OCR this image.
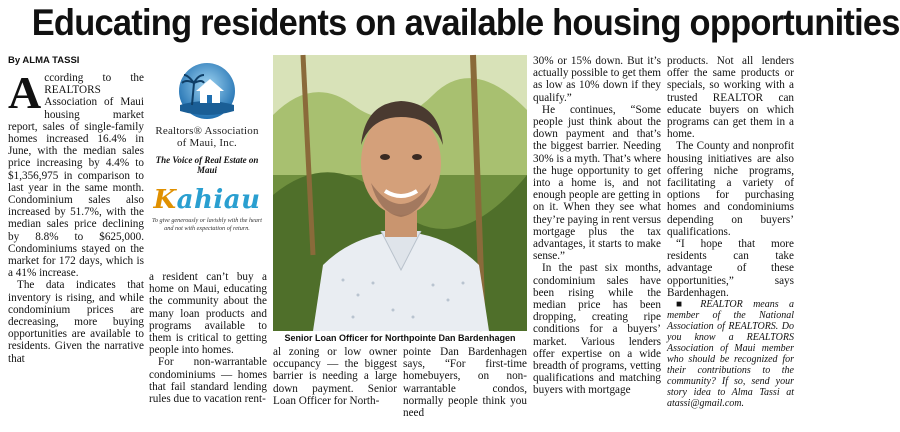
Educating residents on available housing opportunities
By ALMA TASSI

According to the REALTORS Association of Maui housing market report, sales of single-family homes increased 16.4% in June, with the median sales price increasing by 4.4% to $1,356,975 in comparison to last year in the same month. Condominium sales also increased by 51.7%, with the median sales price declining by 8.8% to $625,000. Condominiums stayed on the market for 172 days, which is a 41% increase.

The data indicates that inventory is rising, and while condominium prices are decreasing, more buying opportunities are available to residents. Given the narrative that

Realtors® Association
of Maui, Inc.
The Voice of Real Estate on Maui
Kahiau
To give generously or lavishly with the heart and not with expectation of return.

a resident can’t buy a home on Maui, educating the community about the many loan products and programs available to them is critical to getting people into homes.

For non-warrantable condominiums — homes that fail standard lending rules due to vacation rent-

Senior Loan Officer for Northpointe Dan Bardenhagen

al zoning or low owner occupancy — the biggest barrier is needing a large down payment. Senior Loan Officer for North-

pointe Dan Bardenhagen says, “For first-time homebuyers, on non-warrantable condos, normally people think you need

30% or 15% down. But it’s actually possible to get them as low as 10% down if they qualify.”

He continues, “Some people just think about the down payment and that’s the biggest barrier. Needing 30% is a myth. That’s where the huge opportunity to get into a home is, and not enough people are getting in on it. When they see what they’re paying in rent versus mortgage plus the tax advantages, it starts to make sense.”

In the past six months, condominium sales have been rising while the median price has been dropping, creating ripe conditions for a buyers’ market. Various lenders offer expertise on a wide breadth of programs, vetting qualifications and matching buyers with mortgage

products. Not all lenders offer the same products or specials, so working with a trusted REALTOR can educate buyers on which programs can get them in a home.

The County and nonprofit housing initiatives are also offering niche programs, facilitating a variety of options for purchasing homes and condominiums depending on buyers’ qualifications.

“I hope that more residents can take advantage of these opportunities,” says Bardenhagen.

■ REALTOR means a member of the National Association of REALTORS. Do you know a REALTORS Association of Maui member who should be recognized for their contributions to the community? If so, send your story idea to Alma Tassi at atassi@gmail.com.
